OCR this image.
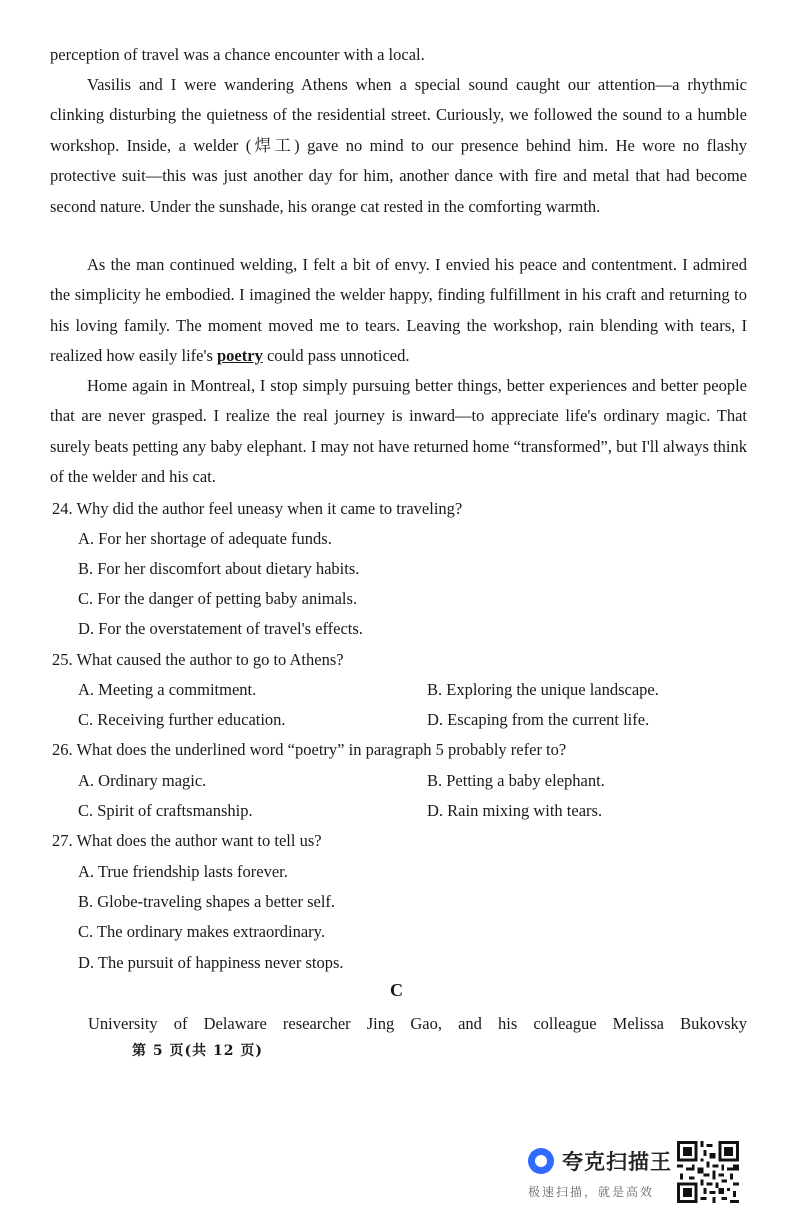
perception of travel was a chance encounter with a local.

Vasilis and I were wandering Athens when a special sound caught our attention—a rhythmic clinking disturbing the quietness of the residential street. Curiously, we followed the sound to a humble workshop. Inside, a welder (焊工) gave no mind to our presence behind him. He wore no flashy protective suit—this was just another day for him, another dance with fire and metal that had become second nature. Under the sunshade, his orange cat rested in the comforting warmth.

As the man continued welding, I felt a bit of envy. I envied his peace and contentment. I admired the simplicity he embodied. I imagined the welder happy, finding fulfillment in his craft and returning to his loving family. The moment moved me to tears. Leaving the workshop, rain blending with tears, I realized how easily life's poetry could pass unnoticed.

Home again in Montreal, I stop simply pursuing better things, better experiences and better people that are never grasped. I realize the real journey is inward—to appreciate life's ordinary magic. That surely beats petting any baby elephant. I may not have returned home “transformed”, but I'll always think of the welder and his cat.

24. Why did the author feel uneasy when it came to traveling?
A. For her shortage of adequate funds.
B. For her discomfort about dietary habits.
C. For the danger of petting baby animals.
D. For the overstatement of travel's effects.
25. What caused the author to go to Athens?
A. Meeting a commitment.	B. Exploring the unique landscape.
C. Receiving further education.	D. Escaping from the current life.
26. What does the underlined word “poetry” in paragraph 5 probably refer to?
A. Ordinary magic.	B. Petting a baby elephant.
C. Spirit of craftsmanship.	D. Rain mixing with tears.
27. What does the author want to tell us?
A. True friendship lasts forever.
B. Globe-traveling shapes a better self.
C. The ordinary makes extraordinary.
D. The pursuit of happiness never stops.
C
University of Delaware researcher Jing Gao, and his colleague Melissa Bukovsky
第 5 页(共 12 页)
夸克扫描王
极速扫描，就是高效
